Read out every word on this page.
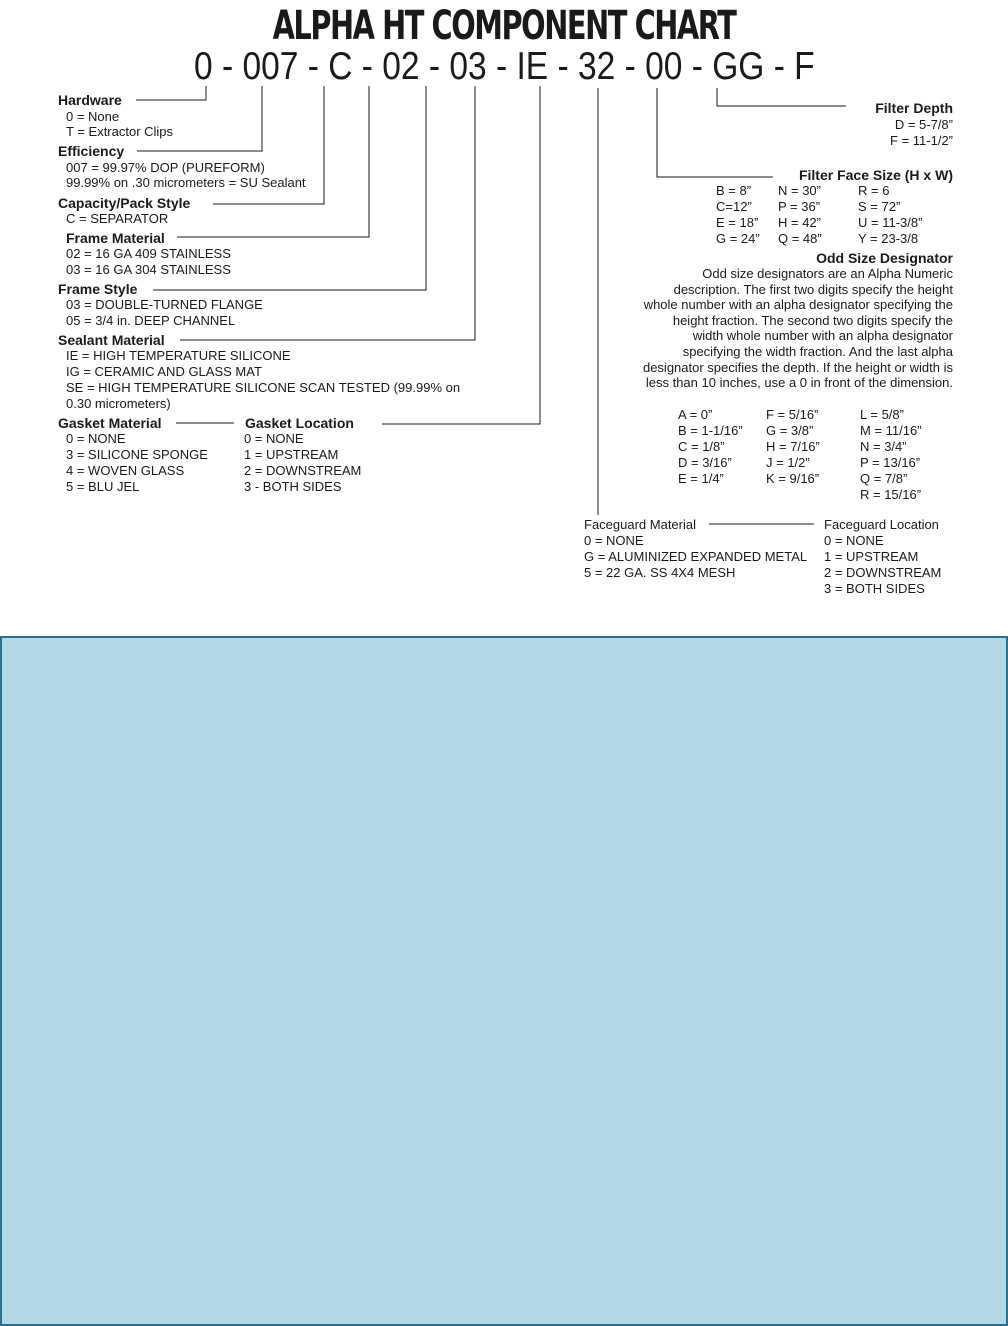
ALPHA HT COMPONENT CHART
0 - 007 - C - 02 - 03 - IE - 32 - 00 - GG - F
Hardware
0 = None
T = Extractor Clips
Efficiency
007 = 99.97% DOP (PUREFORM)
99.99% on .30 micrometers = SU Sealant
Capacity/Pack Style
C = SEPARATOR
Frame Material
02 = 16 GA 409 STAINLESS
03 = 16 GA 304 STAINLESS
Frame Style
03 = DOUBLE-TURNED FLANGE
05 = 3/4 in. DEEP CHANNEL
Sealant Material
IE = HIGH TEMPERATURE SILICONE
IG = CERAMIC AND GLASS MAT
SE = HIGH TEMPERATURE SILICONE SCAN TESTED (99.99% on
0.30 micrometers)
Gasket Material
0 = NONE
3 = SILICONE SPONGE
4 = WOVEN GLASS
5 = BLU JEL
Gasket Location
0 = NONE
1 = UPSTREAM
2 = DOWNSTREAM
3 - BOTH SIDES
Filter Depth
D = 5-7/8”
F = 11-1/2”
Filter Face Size (H x W)
B = 8”
C=12”
E = 18”
G = 24”
N = 30”
P = 36”
H = 42”
Q = 48”
R = 6
S = 72”
U = 11-3/8”
Y = 23-3/8
Odd Size Designator
Odd size designators are an Alpha Numeric description. The first two digits specify the height whole number with an alpha designator specifying the height fraction. The second two digits specify the width whole number with an alpha designator specifying the width fraction. And the last alpha designator specifies the depth. If the height or width is less than 10 inches, use a 0 in front of the dimension.
A = 0”
B = 1-1/16”
C = 1/8”
D = 3/16”
E = 1/4”
F = 5/16”
G = 3/8”
H = 7/16”
J = 1/2”
K = 9/16”
L = 5/8”
M = 11/16”
N = 3/4”
P = 13/16”
Q = 7/8”
R = 15/16”
Faceguard Material
0 = NONE
G = ALUMINIZED EXPANDED METAL
5 = 22 GA. SS 4X4 MESH
Faceguard Location
0 = NONE
1 = UPSTREAM
2 = DOWNSTREAM
3 = BOTH SIDES
